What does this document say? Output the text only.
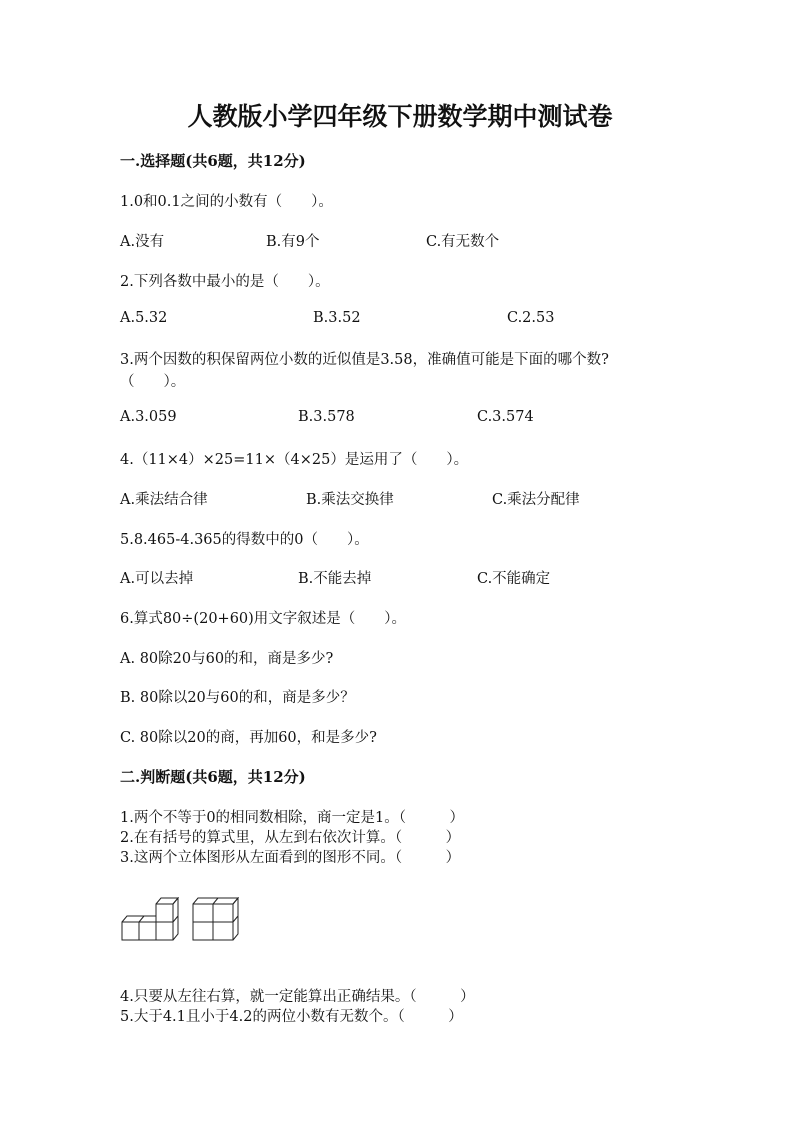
人教版小学四年级下册数学期中测试卷
一.选择题(共6题，共12分)
1.0和0.1之间的小数有（　　）。
A.没有	B.有9个	C.有无数个
2.下列各数中最小的是（　　）。
A.5.32	B.3.52	C.2.53
3.两个因数的积保留两位小数的近似值是3.58，准确值可能是下面的哪个数?
（　　）。
A.3.059	B.3.578	C.3.574
4.（11×4）×25=11×（4×25）是运用了（　　）。
A.乘法结合律	B.乘法交换律	C.乘法分配律
5.8.465-4.365的得数中的0（　　）。
A.可以去掉	B.不能去掉	C.不能确定
6.算式80÷(20+60)用文字叙述是（　　）。
A. 80除20与60的和，商是多少?
B. 80除以20与60的和，商是多少？
C. 80除以20的商，再加60，和是多少?
二.判断题(共6题，共12分)
1.两个不等于0的相同数相除，商一定是1。（　　　）
2.在有括号的算式里，从左到右依次计算。（　　　）
3.这两个立体图形从左面看到的图形不同。（　　　）
4.只要从左往右算，就一定能算出正确结果。（　　　）
5.大于4.1且小于4.2的两位小数有无数个。（　　　）
